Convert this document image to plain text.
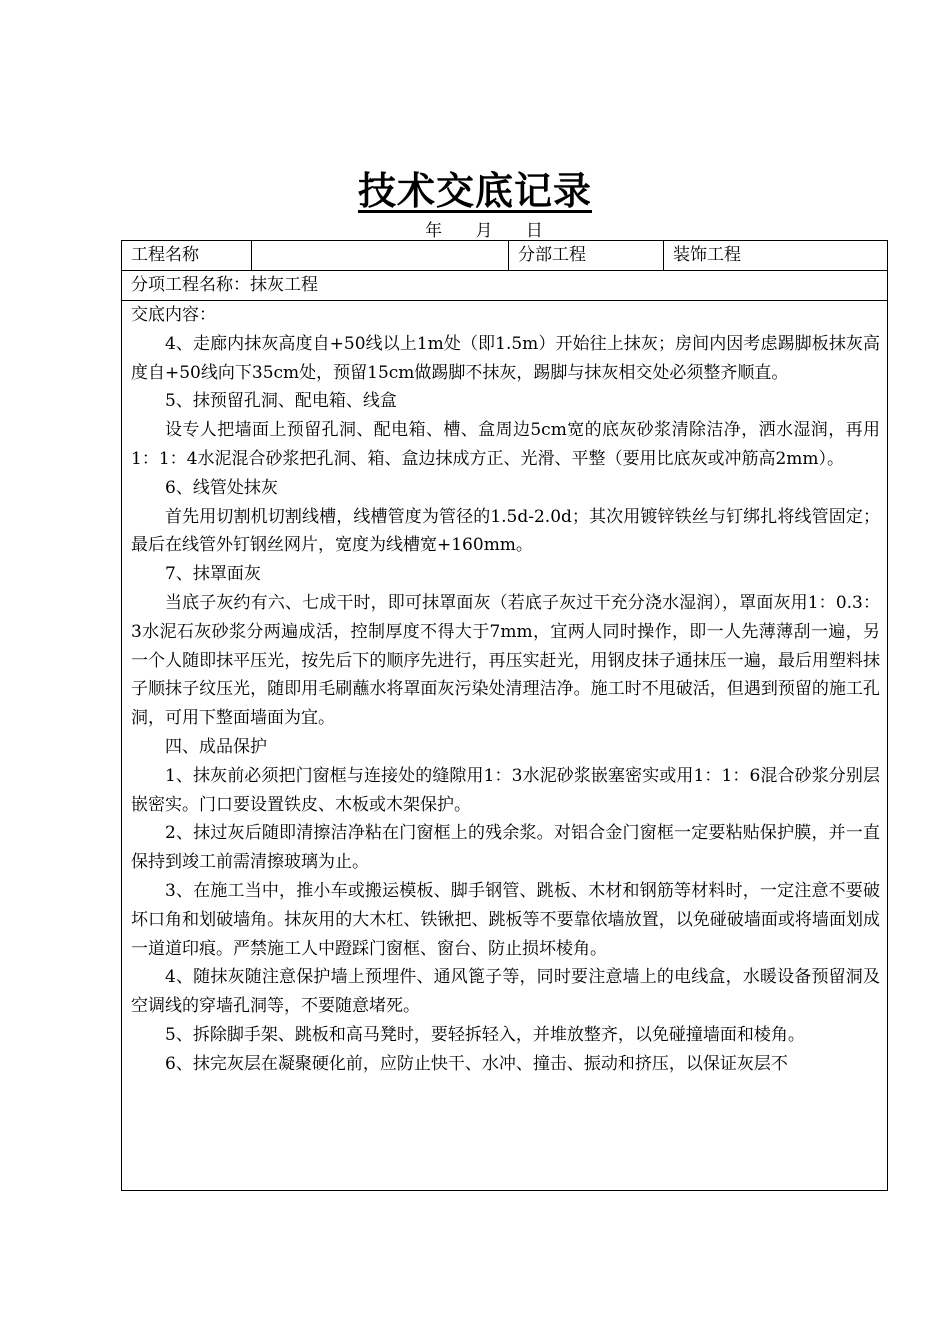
技术交底记录
年 月 日
工程名称	分部工程	装饰工程
分项工程名称：抹灰工程

交底内容：

4、走廊内抹灰高度自+50线以上1m处（即1.5m）开始往上抹灰；房间内因考虑踢脚板抹灰高度自+50线向下35cm处，预留15cm做踢脚不抹灰，踢脚与抹灰相交处必须整齐顺直。

5、抹预留孔洞、配电箱、线盒

设专人把墙面上预留孔洞、配电箱、槽、盒周边5cm宽的底灰砂浆清除洁净，洒水湿润，再用1：1：4水泥混合砂浆把孔洞、箱、盒边抹成方正、光滑、平整（要用比底灰或冲筋高2mm）。

6、线管处抹灰

首先用切割机切割线槽，线槽管度为管径的1.5d-2.0d；其次用镀锌铁丝与钉绑扎将线管固定；最后在线管外钉钢丝网片，宽度为线槽宽+160mm。

7、抹罩面灰

当底子灰约有六、七成干时，即可抹罩面灰（若底子灰过干充分浇水湿润），罩面灰用1：0.3：3水泥石灰砂浆分两遍成活，控制厚度不得大于7mm，宜两人同时操作，即一人先薄薄刮一遍，另一个人随即抹平压光，按先后下的顺序先进行，再压实赶光，用钢皮抹子通抹压一遍，最后用塑料抹子顺抹子纹压光，随即用毛刷蘸水将罩面灰污染处清理洁净。施工时不甩破活，但遇到预留的施工孔洞，可用下整面墙面为宜。

四、成品保护

1、抹灰前必须把门窗框与连接处的缝隙用1：3水泥砂浆嵌塞密实或用1：1：6混合砂浆分别层嵌密实。门口要设置铁皮、木板或木架保护。

2、抹过灰后随即清擦洁净粘在门窗框上的残余浆。对铝合金门窗框一定要粘贴保护膜，并一直保持到竣工前需清擦玻璃为止。

3、在施工当中，推小车或搬运模板、脚手钢管、跳板、木材和钢筋等材料时，一定注意不要破坏口角和划破墙角。抹灰用的大木杠、铁锹把、跳板等不要靠依墙放置，以免碰破墙面或将墙面划成一道道印痕。严禁施工人中蹬踩门窗框、窗台、防止损坏棱角。

4、随抹灰随注意保护墙上预埋件、通风篦子等，同时要注意墙上的电线盒，水暖设备预留洞及空调线的穿墙孔洞等，不要随意堵死。

5、拆除脚手架、跳板和高马凳时，要轻拆轻入，并堆放整齐，以免碰撞墙面和棱角。

6、抹完灰层在凝聚硬化前，应防止快干、水冲、撞击、振动和挤压，以保证灰层不
